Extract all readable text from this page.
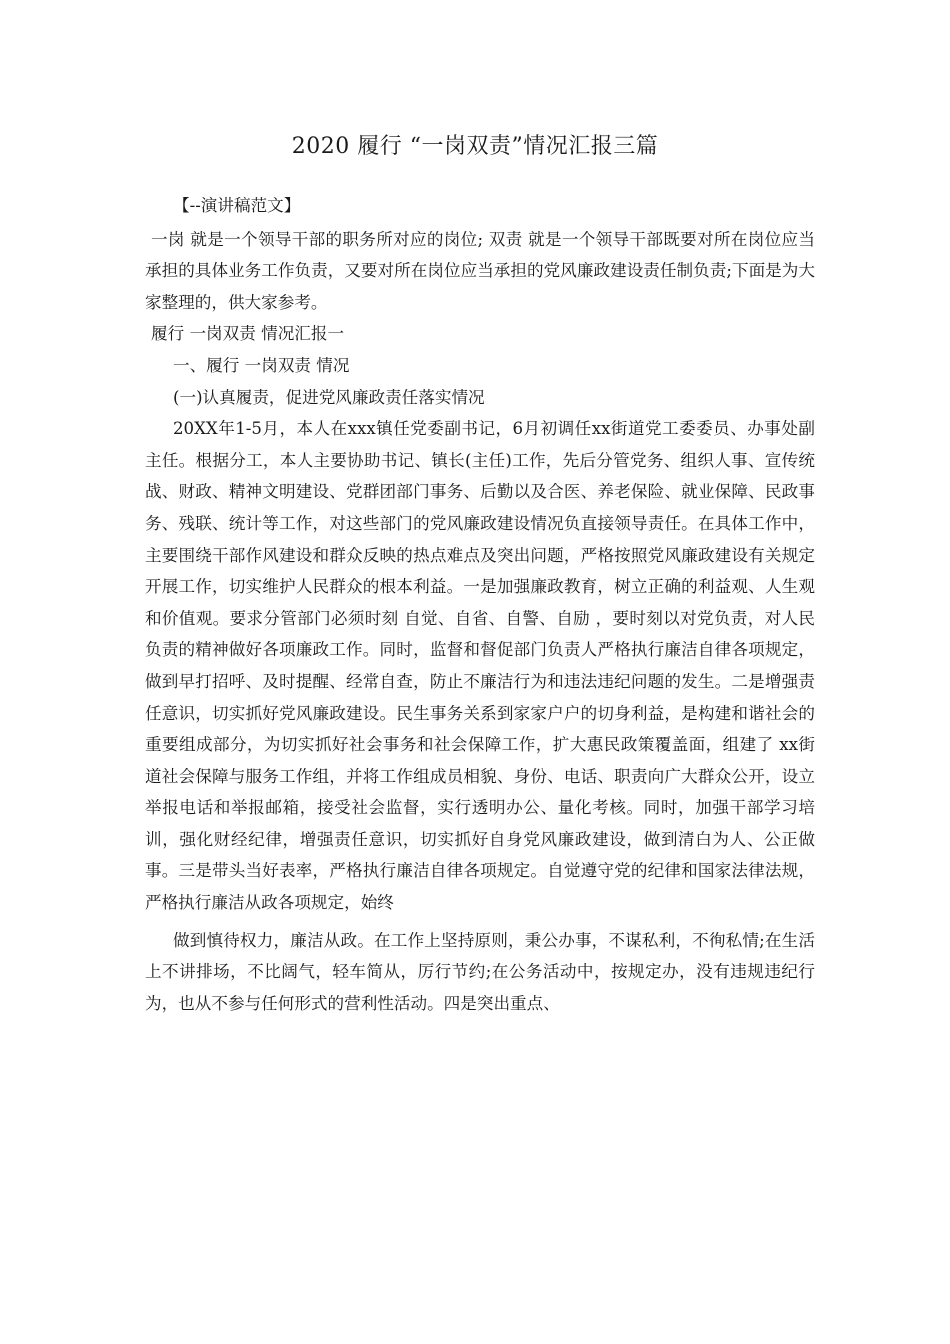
2020 履行 “一岗双责”情况汇报三篇

【--演讲稿范文】

一岗 就是一个领导干部的职务所对应的岗位; 双责 就是一个领导干部既要对所在岗位应当承担的具体业务工作负责，又要对所在岗位应当承担的党风廉政建设责任制负责;下面是为大家整理的，供大家参考。

履行 一岗双责 情况汇报一

一、履行 一岗双责 情况

(一)认真履责，促进党风廉政责任落实情况

20XX年1-5月，本人在xxx镇任党委副书记，6月初调任xx街道党工委委员、办事处副主任。根据分工，本人主要协助书记、镇长(主任)工作，先后分管党务、组织人事、宣传统战、财政、精神文明建设、党群团部门事务、后勤以及合医、养老保险、就业保障、民政事务、残联、统计等工作，对这些部门的党风廉政建设情况负直接领导责任。在具体工作中，主要围绕干部作风建设和群众反映的热点难点及突出问题，严格按照党风廉政建设有关规定开展工作，切实维护人民群众的根本利益。一是加强廉政教育，树立正确的利益观、人生观和价值观。要求分管部门必须时刻 自觉、自省、自警、自励 ，要时刻以对党负责，对人民负责的精神做好各项廉政工作。同时，监督和督促部门负责人严格执行廉洁自律各项规定，做到早打招呼、及时提醒、经常自查，防止不廉洁行为和违法违纪问题的发生。二是增强责任意识，切实抓好党风廉政建设。民生事务关系到家家户户的切身利益，是构建和谐社会的重要组成部分，为切实抓好社会事务和社会保障工作，扩大惠民政策覆盖面，组建了 xx街道社会保障与服务工作组，并将工作组成员相貌、身份、电话、职责向广大群众公开，设立举报电话和举报邮箱，接受社会监督，实行透明办公、量化考核。同时，加强干部学习培训，强化财经纪律，增强责任意识，切实抓好自身党风廉政建设，做到清白为人、公正做事。三是带头当好表率，严格执行廉洁自律各项规定。自觉遵守党的纪律和国家法律法规，严格执行廉洁从政各项规定，始终

做到慎待权力，廉洁从政。在工作上坚持原则，秉公办事，不谋私利，不徇私情;在生活上不讲排场，不比阔气，轻车简从，厉行节约;在公务活动中，按规定办，没有违规违纪行为，也从不参与任何形式的营利性活动。四是突出重点、
